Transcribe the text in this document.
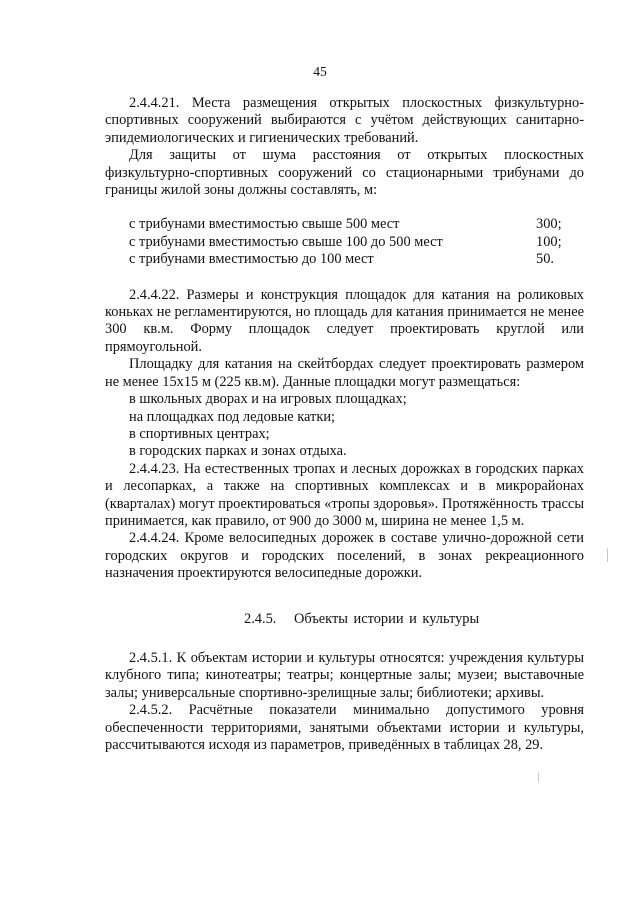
45

2.4.4.21. Места размещения открытых плоскостных физкультурно-спортивных сооружений выбираются с учётом действующих санитарно-эпидемиологических и гигиенических требований.

Для защиты от шума расстояния от открытых плоскостных физкультурно-спортивных сооружений со стационарными трибунами до границы жилой зоны должны составлять, м:

с трибунами вместимостью свыше 500 мест	300;
с трибунами вместимостью свыше 100 до 500 мест	100;
с трибунами вместимостью до 100 мест	50.

2.4.4.22. Размеры и конструкция площадок для катания на роликовых коньках не регламентируются, но площадь для катания принимается не менее 300 кв.м. Форму площадок следует проектировать круглой или прямоугольной.

Площадку для катания на скейтбордах следует проектировать размером не менее 15х15 м (225 кв.м). Данные площадки могут размещаться:

в школьных дворах и на игровых площадках;

на площадках под ледовые катки;

в спортивных центрах;

в городских парках и зонах отдыха.

2.4.4.23. На естественных тропах и лесных дорожках в городских парках и лесопарках, а также на спортивных комплексах и в микрорайонах (кварталах) могут проектироваться «тропы здоровья». Протяжённость трассы принимается, как правило, от 900 до 3000 м, ширина не менее 1,5 м.

2.4.4.24. Кроме велосипедных дорожек в составе улично-дорожной сети городских округов и городских поселений, в зонах рекреационного назначения проектируются велосипедные дорожки.

2.4.5. Объекты истории и культуры

2.4.5.1. К объектам истории и культуры относятся: учреждения культуры клубного типа; кинотеатры; театры; концертные залы; музеи; выставочные залы; универсальные спортивно-зрелищные залы; библиотеки; архивы.

2.4.5.2. Расчётные показатели минимально допустимого уровня обеспеченности территориями, занятыми объектами истории и культуры, рассчитываются исходя из параметров, приведённых в таблицах 28, 29.
